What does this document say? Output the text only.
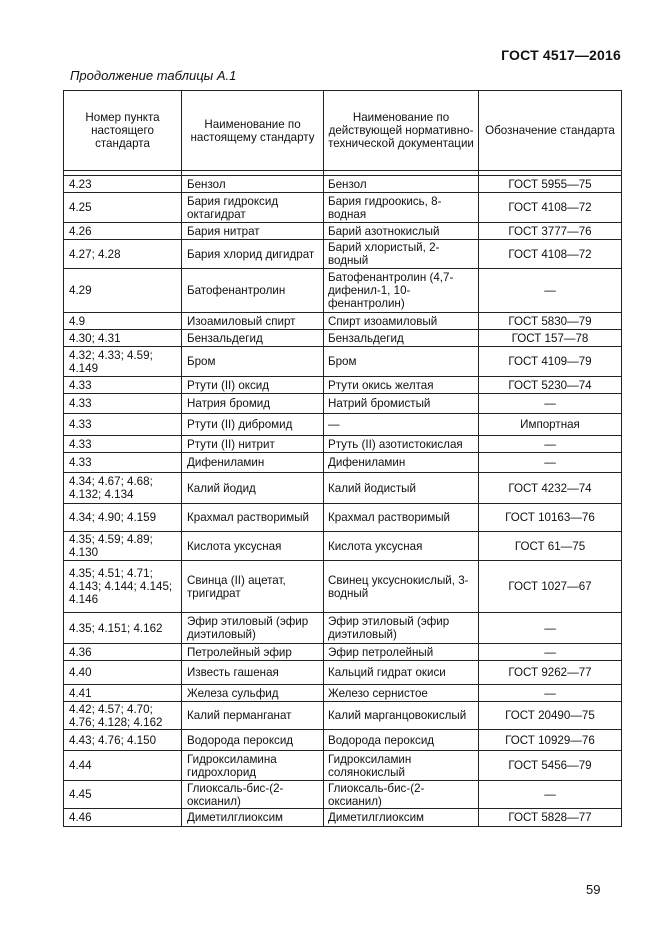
ГОСТ 4517—2016
Продолжение таблицы А.1
Номер пункта настоящего стандарта	Наименование по настоящему стандарту	Наименование по действующей нормативно-технической документации	Обозначение стандарта

4.23	Бензол	Бензол	ГОСТ 5955—75
4.25	Бария гидроксид октагидрат	Бария гидроокись, 8-водная	ГОСТ 4108—72
4.26	Бария нитрат	Барий азотнокислый	ГОСТ 3777—76
4.27; 4.28	Бария хлорид дигидрат	Барий хлористый, 2-водный	ГОСТ 4108—72
4.29	Батофенантролин	Батофенантролин (4,7-дифенил-1, 10-фенантролин)	—
4.9	Изоамиловый спирт	Спирт изоамиловый	ГОСТ 5830—79
4.30; 4.31	Бензальдегид	Бензальдегид	ГОСТ 157—78
4.32; 4.33; 4.59; 4.149	Бром	Бром	ГОСТ 4109—79
4.33	Ртути (II) оксид	Ртути окись желтая	ГОСТ 5230—74
4.33	Натрия бромид	Натрий бромистый	—
4.33	Ртути (II) дибромид	—	Импортная
4.33	Ртути (II) нитрит	Ртуть (II) азотистокислая	—
4.33	Дифениламин	Дифениламин	—
4.34; 4.67; 4.68; 4.132; 4.134	Калий йодид	Калий йодистый	ГОСТ 4232—74
4.34; 4.90; 4.159	Крахмал растворимый	Крахмал растворимый	ГОСТ 10163—76
4.35; 4.59; 4.89; 4.130	Кислота уксусная	Кислота уксусная	ГОСТ 61—75
4.35; 4.51; 4.71; 4.143; 4.144; 4.145; 4.146	Свинца (II) ацетат, тригидрат	Свинец уксуснокислый, 3-водный	ГОСТ 1027—67
4.35; 4.151; 4.162	Эфир этиловый (эфир диэтиловый)	Эфир этиловый (эфир диэтиловый)	—
4.36	Петролейный эфир	Эфир петролейный	—
4.40	Известь гашеная	Кальций гидрат окиси	ГОСТ 9262—77
4.41	Железа сульфид	Железо сернистое	—
4.42; 4.57; 4.70; 4.76; 4.128; 4.162	Калий перманганат	Калий марганцовокислый	ГОСТ 20490—75
4.43; 4.76; 4.150	Водорода пероксид	Водорода пероксид	ГОСТ 10929—76
4.44	Гидроксиламина гидрохлорид	Гидроксиламин солянокислый	ГОСТ 5456—79
4.45	Глиоксаль-бис-(2-оксианил)	Глиоксаль-бис-(2-оксианил)	—
4.46	Диметилглиоксим	Диметилглиоксим	ГОСТ 5828—77
59
